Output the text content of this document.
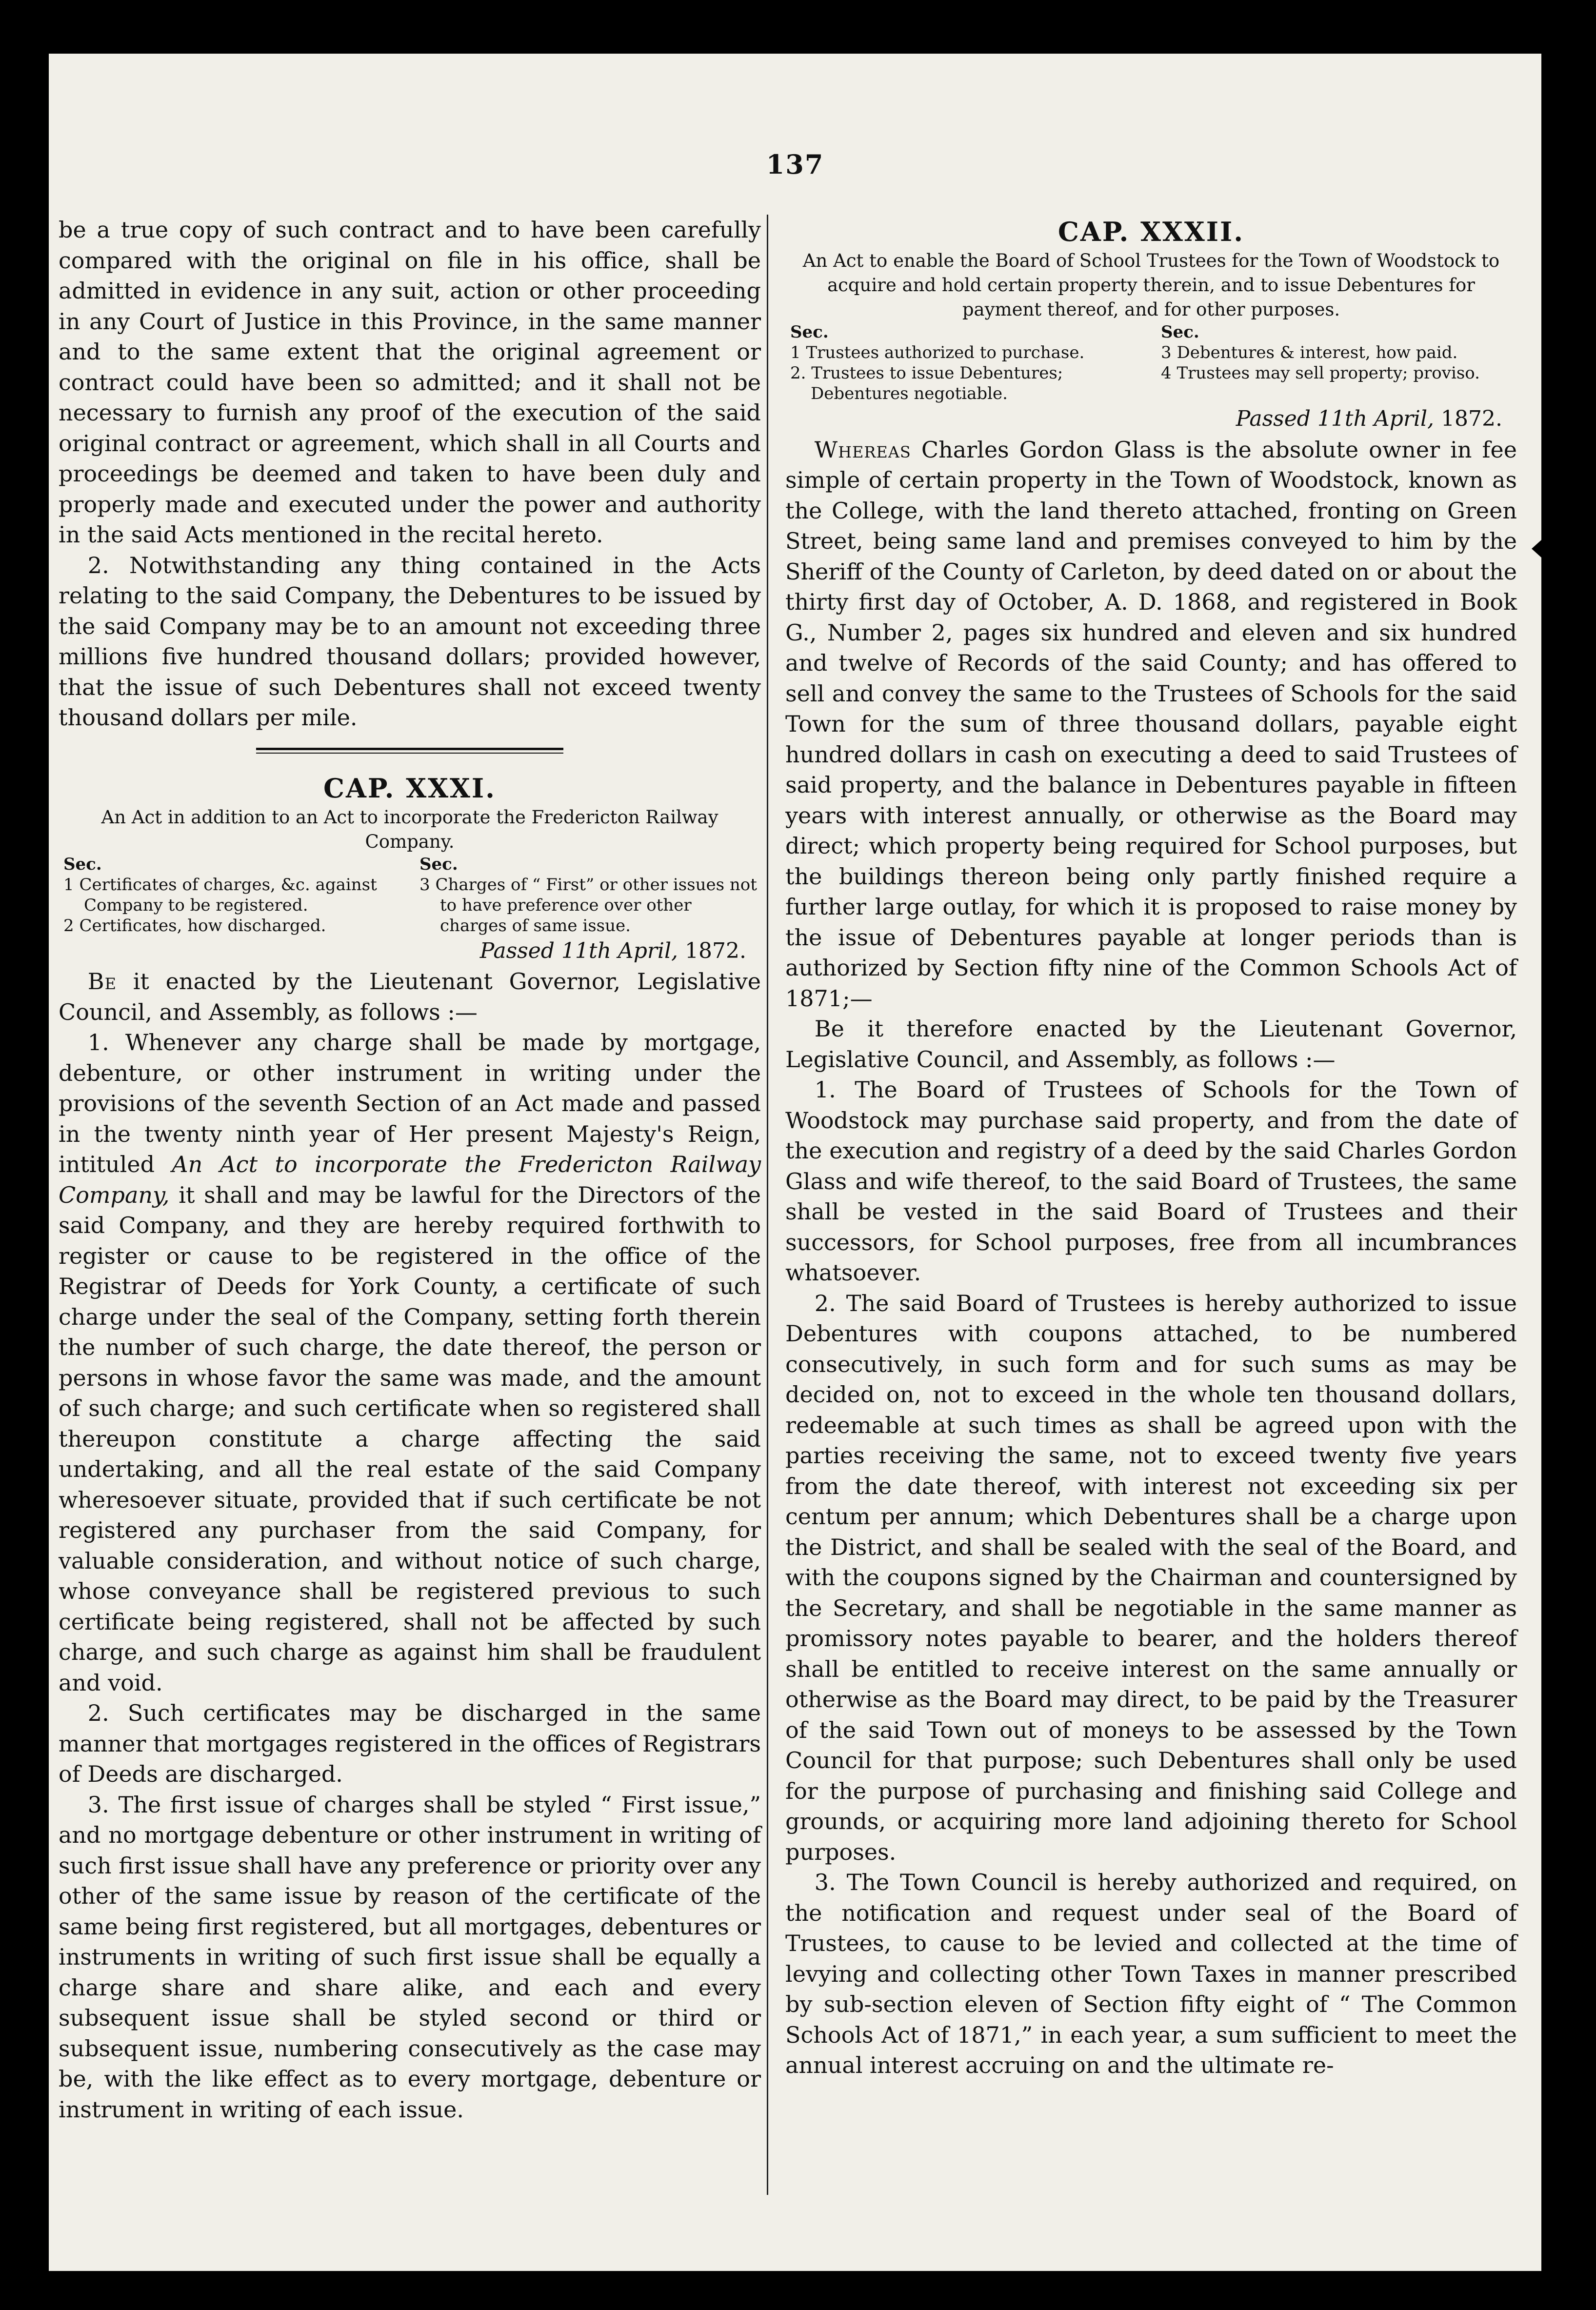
137

be a true copy of such contract and to have been carefully compared with the original on file in his office, shall be admitted in evidence in any suit, action or other proceeding in any Court of Justice in this Province, in the same manner and to the same extent that the original agreement or contract could have been so admitted; and it shall not be necessary to furnish any proof of the execution of the said original contract or agreement, which shall in all Courts and proceedings be deemed and taken to have been duly and properly made and executed under the power and authority in the said Acts mentioned in the recital hereto.

2. Notwithstanding any thing contained in the Acts relating to the said Company, the Debentures to be issued by the said Company may be to an amount not exceeding three millions five hundred thousand dollars; provided however, that the issue of such Debentures shall not exceed twenty thousand dollars per mile.

CAP. XXXI.

An Act in addition to an Act to incorporate the Fredericton Railway Company.

Sec.
1 Certificates of charges, &c. against Company to be registered.
2 Certificates, how discharged.
Sec.
3 Charges of “ First” or other issues not to have preference over other charges of same issue.

Passed 11th April, 1872.

Be it enacted by the Lieutenant Governor, Legislative Council, and Assembly, as follows :—

1. Whenever any charge shall be made by mortgage, debenture, or other instrument in writing under the provisions of the seventh Section of an Act made and passed in the twenty ninth year of Her present Majesty's Reign, intituled An Act to incorporate the Fredericton Railway Company, it shall and may be lawful for the Directors of the said Company, and they are hereby required forthwith to register or cause to be registered in the office of the Registrar of Deeds for York County, a certificate of such charge under the seal of the Company, setting forth therein the number of such charge, the date thereof, the person or persons in whose favor the same was made, and the amount of such charge; and such certificate when so registered shall thereupon constitute a charge affecting the said undertaking, and all the real estate of the said Company wheresoever situate, provided that if such certificate be not registered any purchaser from the said Company, for valuable consideration, and without notice of such charge, whose conveyance shall be registered previous to such certificate being registered, shall not be affected by such charge, and such charge as against him shall be fraudulent and void.

2. Such certificates may be discharged in the same manner that mortgages registered in the offices of Registrars of Deeds are discharged.

3. The first issue of charges shall be styled “ First issue,” and no mortgage debenture or other instrument in writing of such first issue shall have any preference or priority over any other of the same issue by reason of the certificate of the same being first registered, but all mortgages, debentures or instruments in writing of such first issue shall be equally a charge share and share alike, and each and every subsequent issue shall be styled second or third or subsequent issue, numbering consecutively as the case may be, with the like effect as to every mortgage, debenture or instrument in writing of each issue.

CAP. XXXII.

An Act to enable the Board of School Trustees for the Town of Woodstock to acquire and hold certain property therein, and to issue Debentures for payment thereof, and for other purposes.

Sec.
1 Trustees authorized to purchase.
2. Trustees to issue Debentures; Debentures negotiable.
Sec.
3 Debentures & interest, how paid.
4 Trustees may sell property; proviso.

Passed 11th April, 1872.

Whereas Charles Gordon Glass is the absolute owner in fee simple of certain property in the Town of Woodstock, known as the College, with the land thereto attached, fronting on Green Street, being same land and premises conveyed to him by the Sheriff of the County of Carleton, by deed dated on or about the thirty first day of October, A. D. 1868, and registered in Book G., Number 2, pages six hundred and eleven and six hundred and twelve of Records of the said County; and has offered to sell and convey the same to the Trustees of Schools for the said Town for the sum of three thousand dollars, payable eight hundred dollars in cash on executing a deed to said Trustees of said property, and the balance in Debentures payable in fifteen years with interest annually, or otherwise as the Board may direct; which property being required for School purposes, but the buildings thereon being only partly finished require a further large outlay, for which it is proposed to raise money by the issue of Debentures payable at longer periods than is authorized by Section fifty nine of the Common Schools Act of 1871;—

Be it therefore enacted by the Lieutenant Governor, Legislative Council, and Assembly, as follows :—

1. The Board of Trustees of Schools for the Town of Woodstock may purchase said property, and from the date of the execution and registry of a deed by the said Charles Gordon Glass and wife thereof, to the said Board of Trustees, the same shall be vested in the said Board of Trustees and their successors, for School purposes, free from all incumbrances whatsoever.

2. The said Board of Trustees is hereby authorized to issue Debentures with coupons attached, to be numbered consecutively, in such form and for such sums as may be decided on, not to exceed in the whole ten thousand dollars, redeemable at such times as shall be agreed upon with the parties receiving the same, not to exceed twenty five years from the date thereof, with interest not exceeding six per centum per annum; which Debentures shall be a charge upon the District, and shall be sealed with the seal of the Board, and with the coupons signed by the Chairman and countersigned by the Secretary, and shall be negotiable in the same manner as promissory notes payable to bearer, and the holders thereof shall be entitled to receive interest on the same annually or otherwise as the Board may direct, to be paid by the Treasurer of the said Town out of moneys to be assessed by the Town Council for that purpose; such Debentures shall only be used for the purpose of purchasing and finishing said College and grounds, or acquiring more land adjoining thereto for School purposes.

3. The Town Council is hereby authorized and required, on the notification and request under seal of the Board of Trustees, to cause to be levied and collected at the time of levying and collecting other Town Taxes in manner prescribed by sub-section eleven of Section fifty eight of “ The Common Schools Act of 1871,” in each year, a sum sufficient to meet the annual interest accruing on and the ultimate re-
